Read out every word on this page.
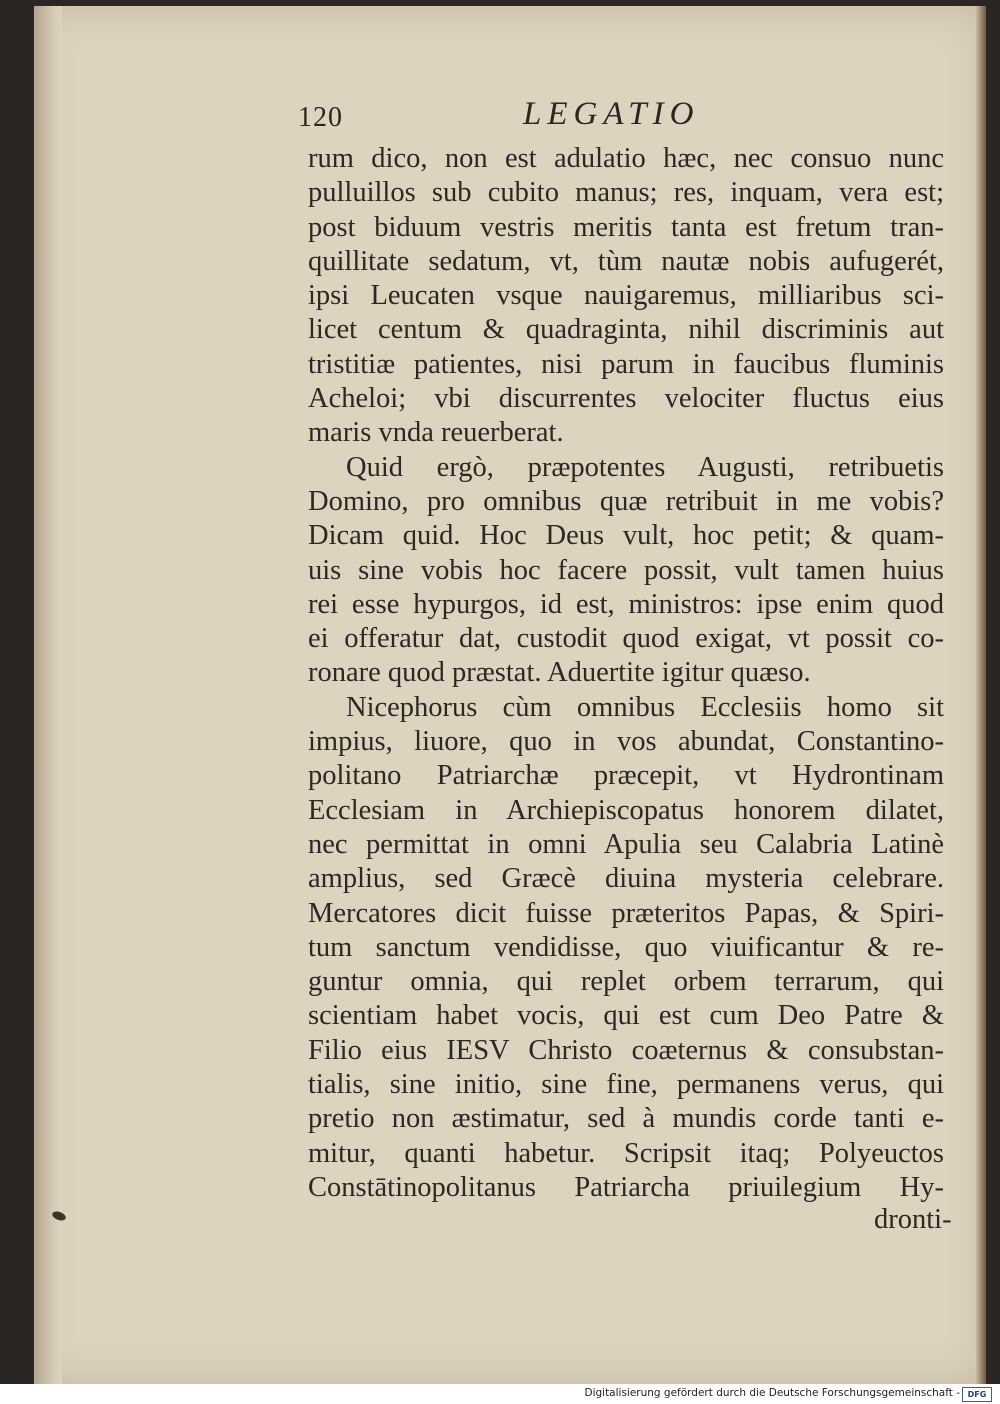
120	LEGATIO
rum dico, non est adulatio hæc, nec consuo nunc
pulluillos sub cubito manus; res, inquam, vera est;
post biduum vestris meritis tanta est fretum tran-
quillitate sedatum, vt, tùm nautæ nobis aufugerét,
ipsi Leucaten vsque nauigaremus, milliaribus sci-
licet centum & quadraginta, nihil discriminis aut
tristitiæ patientes, nisi parum in faucibus fluminis
Acheloi; vbi discurrentes velociter fluctus eius
maris vnda reuerberat.
Quid ergò, præpotentes Augusti, retribuetis
Domino, pro omnibus quæ retribuit in me vobis?
Dicam quid. Hoc Deus vult, hoc petit; & quam-
uis sine vobis hoc facere possit, vult tamen huius
rei esse hypurgos, id est, ministros: ipse enim quod
ei offeratur dat, custodit quod exigat, vt possit co-
ronare quod præstat. Aduertite igitur quæso.
Nicephorus cùm omnibus Ecclesiis homo sit
impius, liuore, quo in vos abundat, Constantino-
politano Patriarchæ præcepit, vt Hydrontinam
Ecclesiam in Archiepiscopatus honorem dilatet,
nec permittat in omni Apulia seu Calabria Latinè
amplius, sed Græcè diuina mysteria celebrare.
Mercatores dicit fuisse præteritos Papas, & Spiri-
tum sanctum vendidisse, quo viuificantur & re-
guntur omnia, qui replet orbem terrarum, qui
scientiam habet vocis, qui est cum Deo Patre &
Filio eius IESV Christo coæternus & consubstan-
tialis, sine initio, sine fine, permanens verus, qui
pretio non æstimatur, sed à mundis corde tanti e-
mitur, quanti habetur. Scripsit itaq; Polyeuctos
Constātinopolitanus Patriarcha priuilegium Hy-
dronti-
Digitalisierung gefördert durch die Deutsche Forschungsgemeinschaft - DFG
